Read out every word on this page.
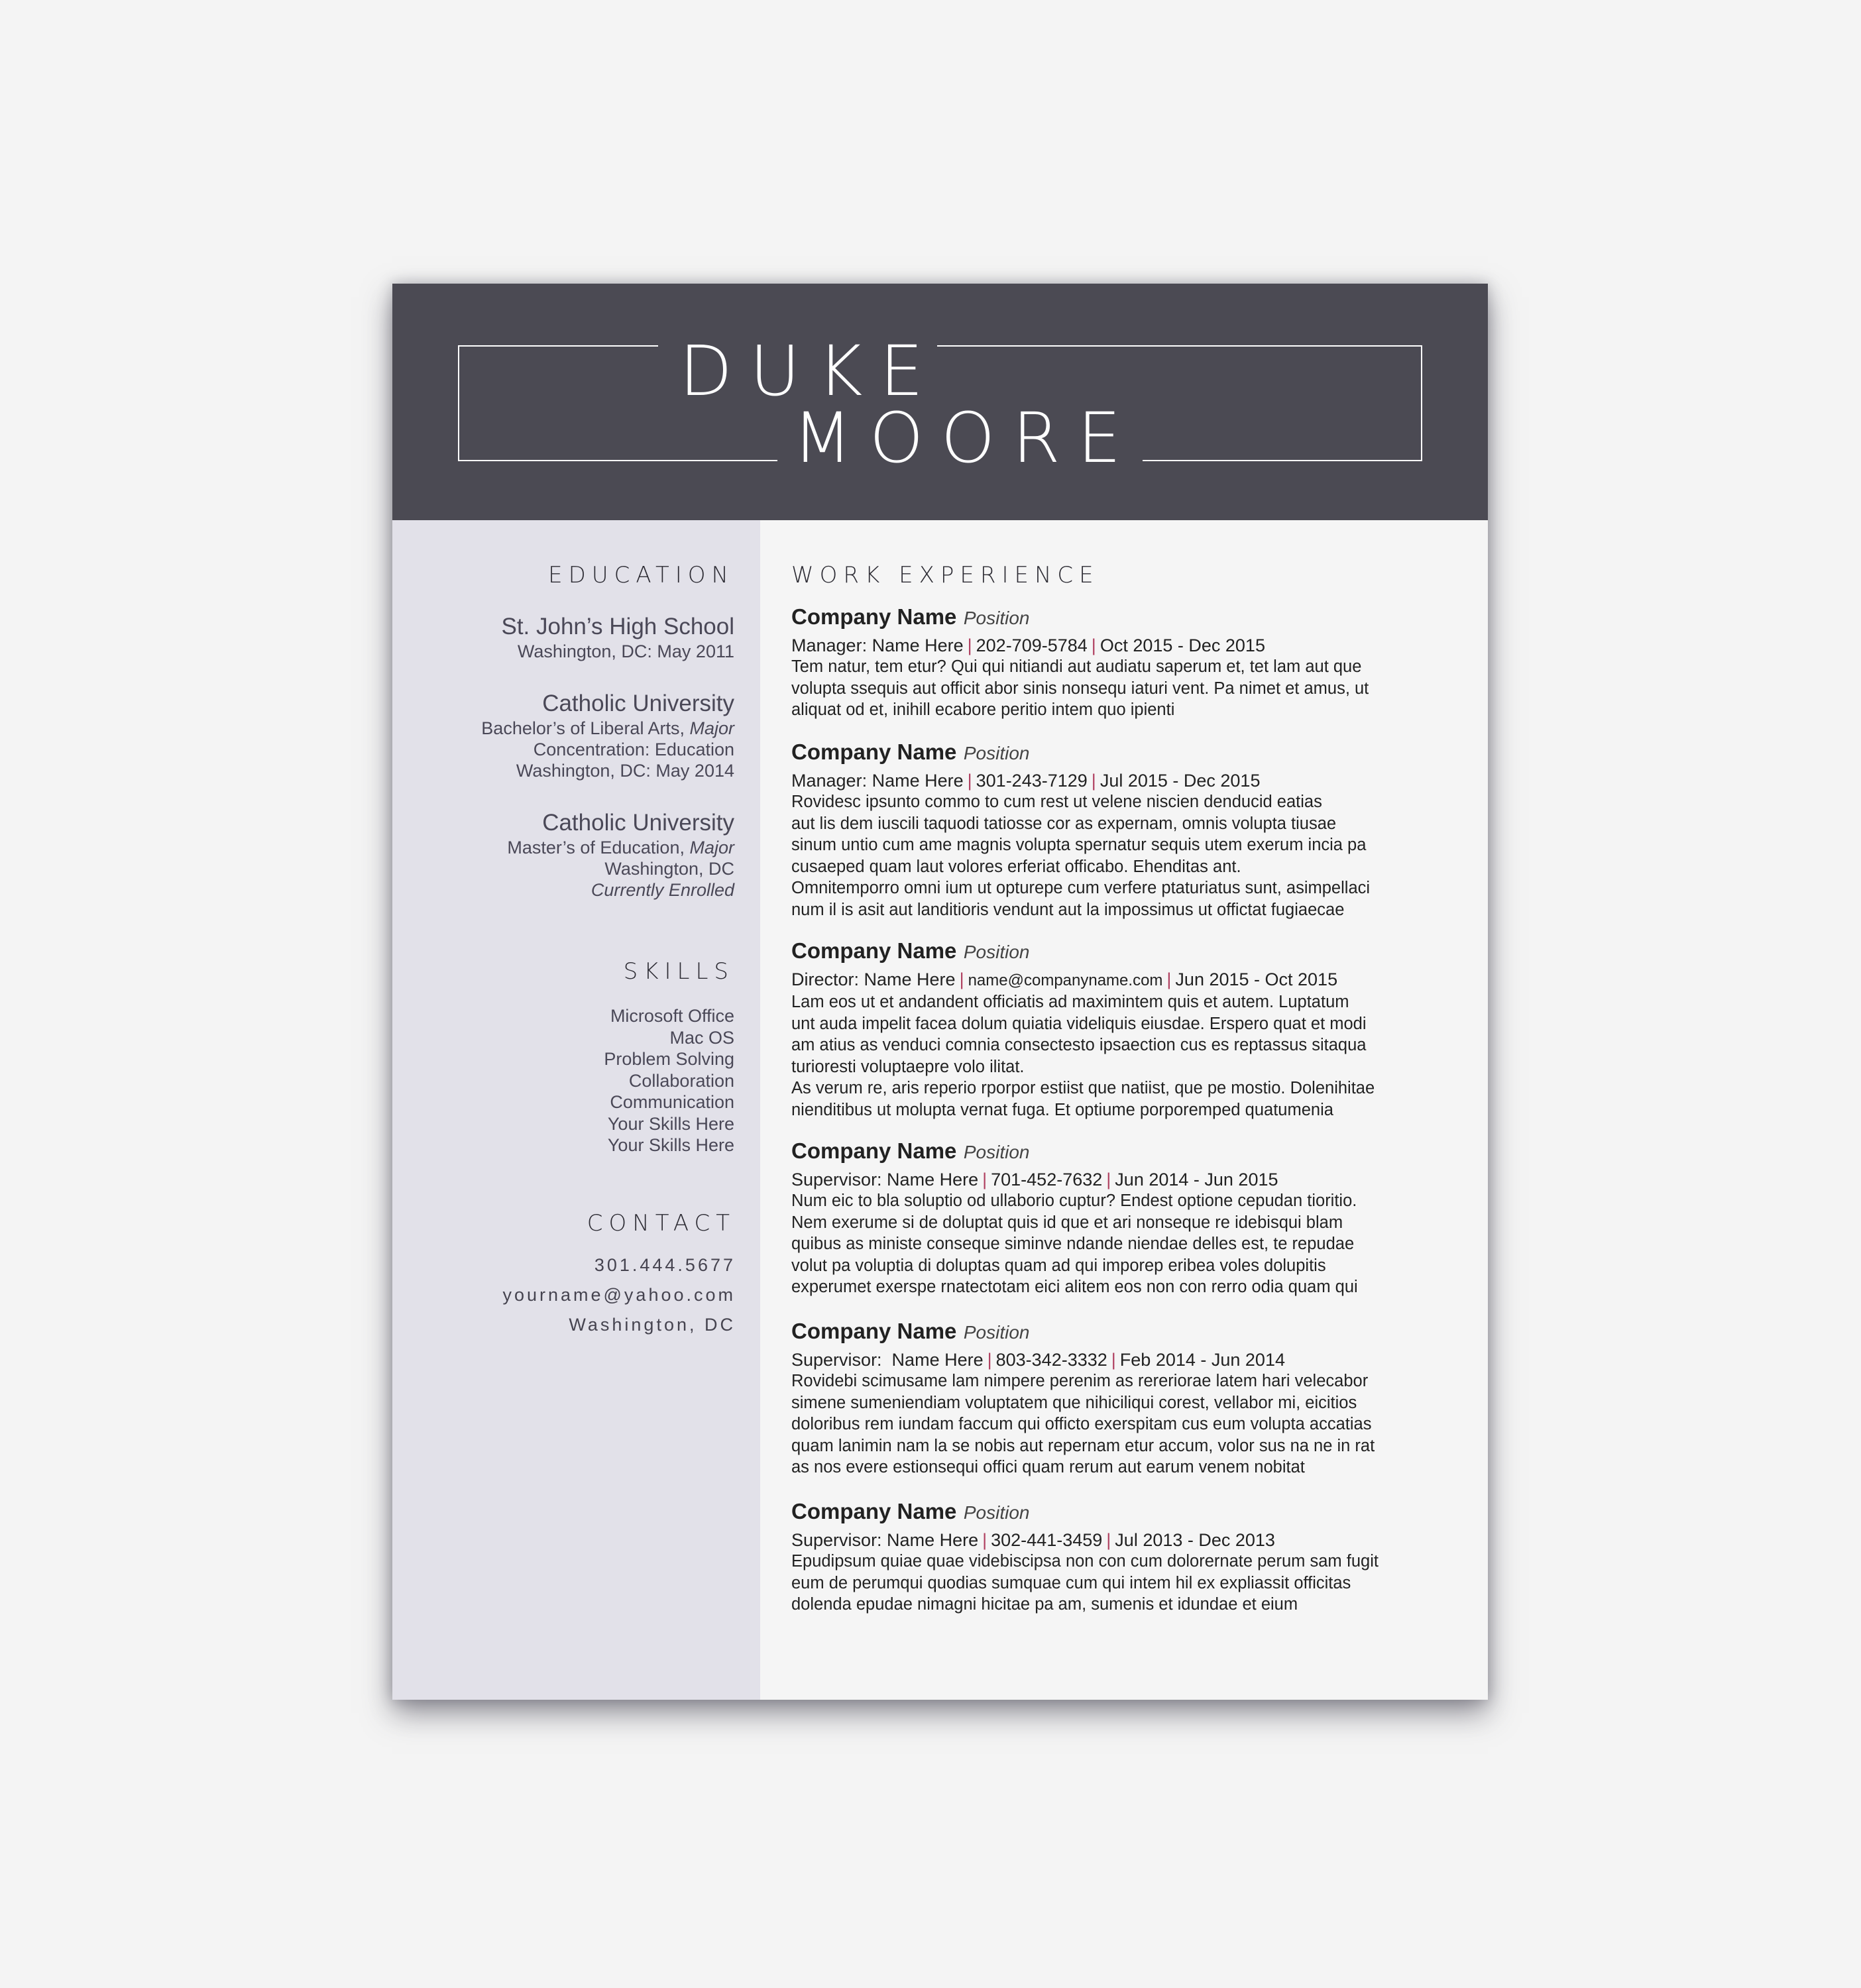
DUKE
MOORE
EDUCATION
St. John’s High School
Washington, DC: May 2011
Catholic University
Bachelor’s of Liberal Arts, Major
Concentration: Education
Washington, DC: May 2014
Catholic University
Master’s of Education, Major
Washington, DC
Currently Enrolled
SKILLS
Microsoft Office
Mac OS
Problem Solving
Collaboration
Communication
Your Skills Here
Your Skills Here
CONTACT
301.444.5677
yourname@yahoo.com
Washington, DC
WORK EXPERIENCE
Company Name Position
Manager: Name Here | 202-709-5784 | Oct 2015 - Dec 2015
Tem natur, tem etur? Qui qui nitiandi aut audiatu saperum et, tet lam aut que
volupta ssequis aut officit abor sinis nonsequ iaturi vent. Pa nimet et amus, ut
aliquat od et, inihill ecabore peritio intem quo ipienti
Company Name Position
Manager: Name Here | 301-243-7129 | Jul 2015 - Dec 2015
Rovidesc ipsunto commo to cum rest ut velene niscien denducid eatias
aut lis dem iuscili taquodi tatiosse cor as expernam, omnis volupta tiusae
sinum untio cum ame magnis volupta spernatur sequis utem exerum incia pa
cusaeped quam laut volores erferiat officabo. Ehenditas ant.
Omnitemporro omni ium ut opturepe cum verfere ptaturiatus sunt, asimpellaci
num il is asit aut landitioris vendunt aut la impossimus ut offictat fugiaecae
Company Name Position
Director: Name Here | name@companyname.com | Jun 2015 - Oct 2015
Lam eos ut et andandent officiatis ad maximintem quis et autem. Luptatum
unt auda impelit facea dolum quiatia videliquis eiusdae. Erspero quat et modi
am atius as venduci comnia consectesto ipsaection cus es reptassus sitaqua
turioresti voluptaepre volo ilitat.
As verum re, aris reperio rporpor estiist que natiist, que pe mostio. Dolenihitae
nienditibus ut molupta vernat fuga. Et optiume porporemped quatumenia
Company Name Position
Supervisor: Name Here | 701-452-7632 | Jun 2014 - Jun 2015
Num eic to bla soluptio od ullaborio cuptur? Endest optione cepudan tioritio.
Nem exerume si de doluptat quis id que et ari nonseque re idebisqui blam
quibus as ministe conseque siminve ndande niendae delles est, te repudae
volut pa voluptia di doluptas quam ad qui imporep eribea voles dolupitis
experumet exerspe rnatectotam eici alitem eos non con rerro odia quam qui
Company Name Position
Supervisor:  Name Here | 803-342-3332 | Feb 2014 - Jun 2014
Rovidebi scimusame lam nimpere perenim as rereriorae latem hari velecabor
simene sumeniendiam voluptatem que nihiciliqui corest, vellabor mi, eicitios
doloribus rem iundam faccum qui officto exerspitam cus eum volupta accatias
quam lanimin nam la se nobis aut repernam etur accum, volor sus na ne in rat
as nos evere estionsequi offici quam rerum aut earum venem nobitat
Company Name Position
Supervisor: Name Here | 302-441-3459 | Jul 2013 - Dec 2013
Epudipsum quiae quae videbiscipsa non con cum dolorernate perum sam fugit
eum de perumqui quodias sumquae cum qui intem hil ex expliassit officitas
dolenda epudae nimagni hicitae pa am, sumenis et idundae et eium
